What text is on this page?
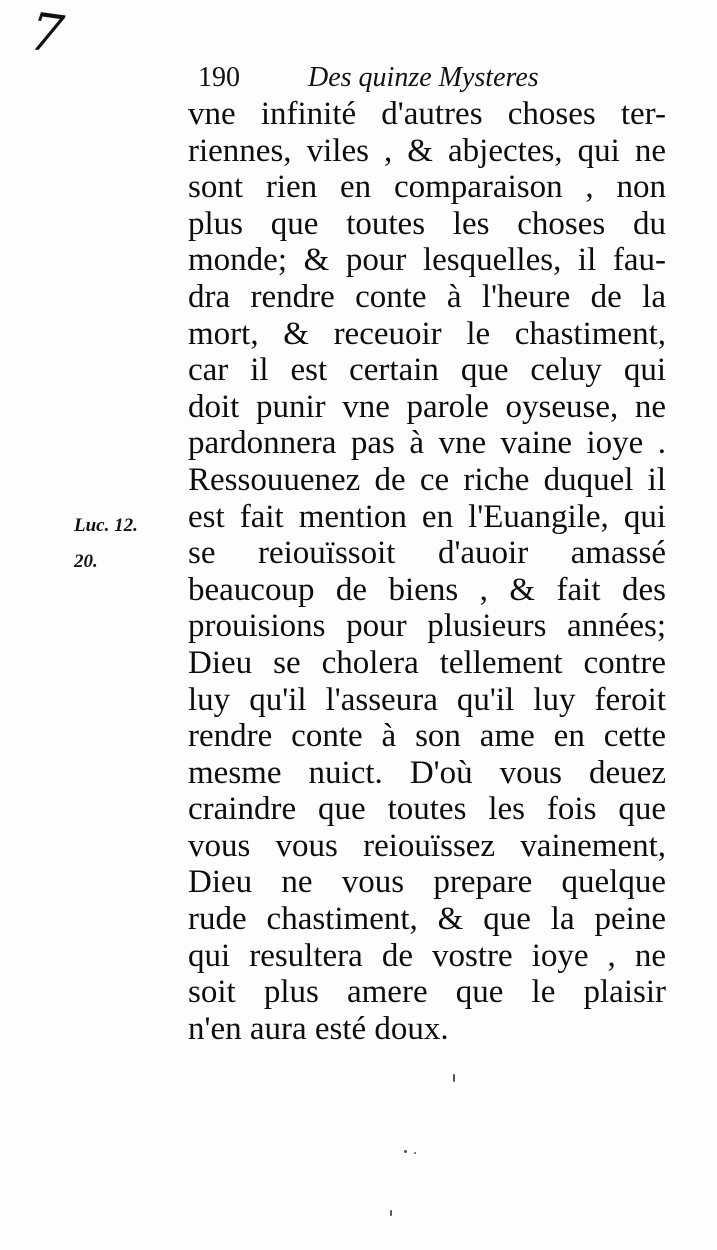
7
190 Des quinze Mysteres
Luc. 12.
20.
vne infinité d'autres choses ter-
riennes, viles , & abjectes, qui ne
sont rien en comparaison , non
plus que toutes les choses du
monde; & pour lesquelles, il fau-
dra rendre conte à l'heure de la
mort, & receuoir le chastiment,
car il est certain que celuy qui
doit punir vne parole oyseuse, ne
pardonnera pas à vne vaine ioye .
Ressouuenez de ce riche duquel il
est fait mention en l'Euangile, qui
se reiouïssoit d'auoir amassé
beaucoup de biens , & fait des
prouisions pour plusieurs années;
Dieu se cholera tellement contre
luy qu'il l'asseura qu'il luy feroit
rendre conte à son ame en cette
mesme nuict. D'où vous deuez
craindre que toutes les fois que
vous vous reiouïssez vainement,
Dieu ne vous prepare quelque
rude chastiment, & que la peine
qui resultera de vostre ioye , ne
soit plus amere que le plaisir
n'en aura esté doux.
